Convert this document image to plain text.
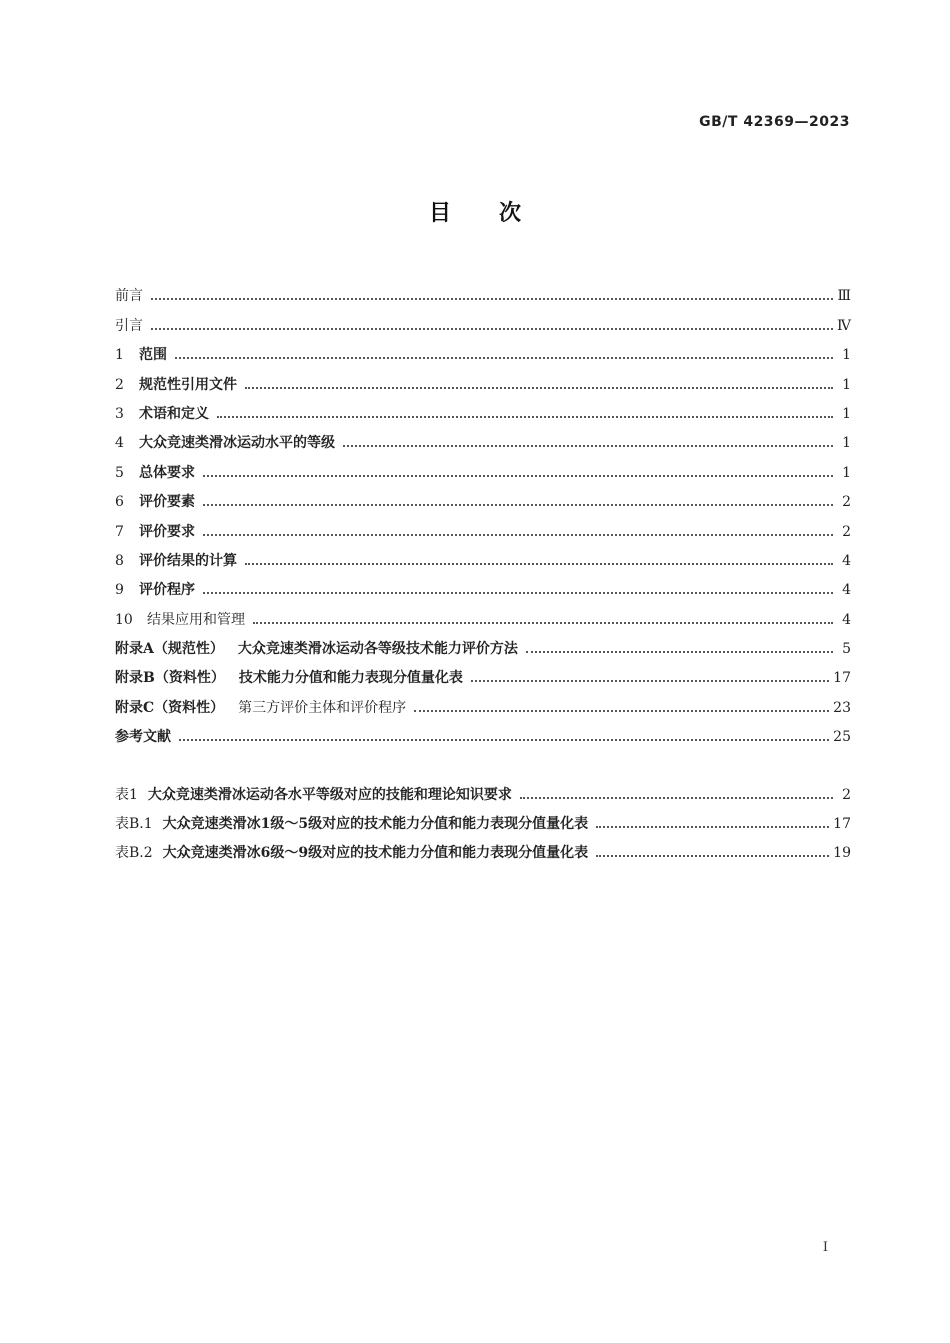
GB/T 42369—2023
目次
前言	Ⅲ
引言	Ⅳ
1 范围	1
2 规范性引用文件	1
3 术语和定义	1
4 大众竞速类滑冰运动水平的等级	1
5 总体要求	1
6 评价要素	2
7 评价要求	2
8 评价结果的计算	4
9 评价程序	4
10 结果应用和管理	4
附录A（规范性） 大众竞速类滑冰运动各等级技术能力评价方法	5
附录B（资料性） 技术能力分值和能力表现分值量化表	17
附录C（资料性） 第三方评价主体和评价程序	23
参考文献	25
表1 大众竞速类滑冰运动各水平等级对应的技能和理论知识要求	2
表B.1 大众竞速类滑冰1级～5级对应的技术能力分值和能力表现分值量化表	17
表B.2 大众竞速类滑冰6级～9级对应的技术能力分值和能力表现分值量化表	19
I
